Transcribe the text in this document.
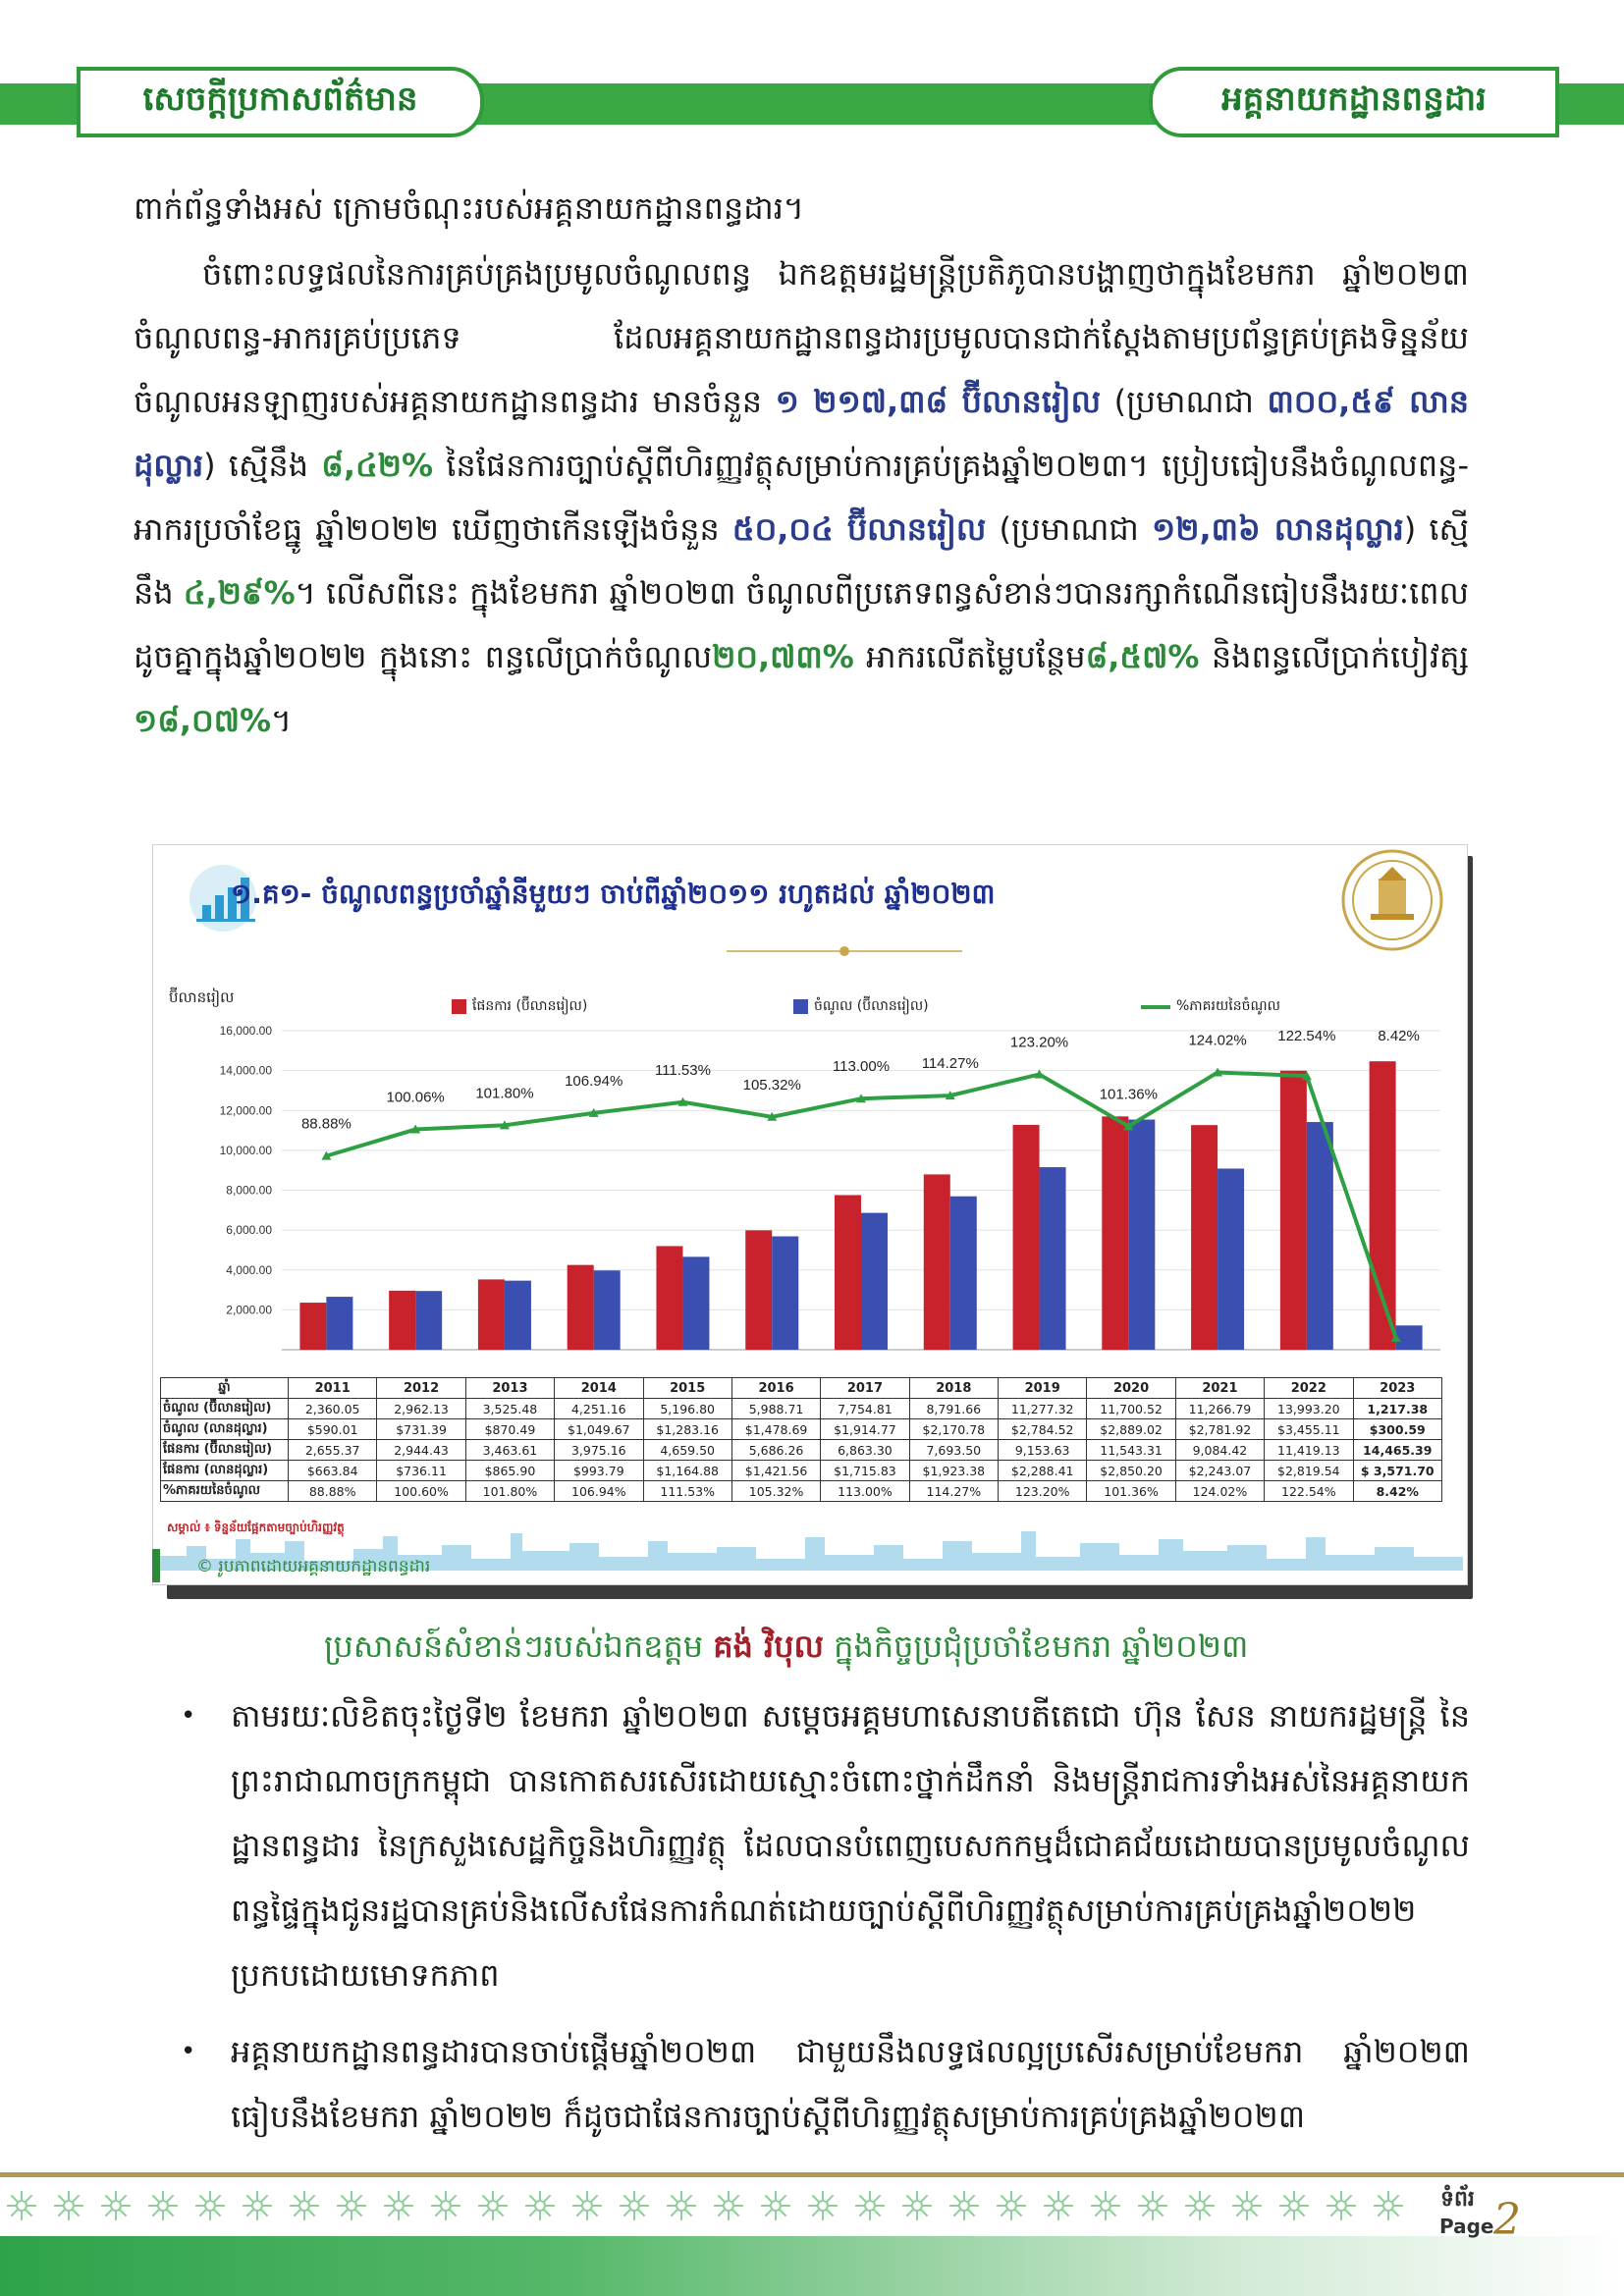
សេចក្តីប្រកាសព័ត៌មាន	អគ្គនាយកដ្ឋានពន្ធដារ
ពាក់ព័ន្ធទាំងអស់ ក្រោមចំណុះរបស់អគ្គនាយកដ្ឋានពន្ធដារ។
ចំពោះលទ្ធផលនៃការគ្រប់គ្រងប្រមូលចំណូលពន្ធ ឯកឧត្តមរដ្ឋមន្ត្រីប្រតិភូបានបង្ហាញថាក្នុងខែមករា ឆ្នាំ២០២៣ ចំណូលពន្ធ-អាករគ្រប់ប្រភេទ ដែលអគ្គនាយកដ្ឋានពន្ធដារប្រមូលបានជាក់ស្តែងតាមប្រព័ន្ធគ្រប់គ្រងទិន្នន័យចំណូលអនឡាញរបស់អគ្គនាយកដ្ឋានពន្ធដារ មានចំនួន ១ ២១៧,៣៨ ប៊ីលានរៀល (ប្រមាណជា ៣០០,៥៩ លានដុល្លារ) ស្មើនឹង ៨,៤២% នៃផែនការច្បាប់ស្តីពីហិរញ្ញវត្ថុសម្រាប់ការគ្រប់គ្រងឆ្នាំ២០២៣។ ប្រៀបធៀបនឹងចំណូលពន្ធ-អាករប្រចាំខែធ្នូ ឆ្នាំ២០២២ ឃើញថាកើនឡើងចំនួន ៥០,០៤ ប៊ីលានរៀល (ប្រមាណជា ១២,៣៦ លានដុល្លារ) ស្មើនឹង ៤,២៩%។ លើសពីនេះ ក្នុងខែមករា ឆ្នាំ២០២៣ ចំណូលពីប្រភេទពន្ធសំខាន់ៗបានរក្សាកំណើនធៀបនឹងរយៈពេលដូចគ្នាក្នុងឆ្នាំ២០២២ ក្នុងនោះ ពន្ធលើប្រាក់ចំណូល២០,៧៣% អាករលើតម្លៃបន្ថែម៨,៥៧% និងពន្ធលើប្រាក់បៀវត្ស ១៨,០៧%។
១.គ១- ចំណូលពន្ធប្រចាំឆ្នាំនីមួយៗ ចាប់ពីឆ្នាំ២០១១ រហូតដល់ ឆ្នាំ២០២៣
ប៊ីលានរៀល	ផែនការ (ប៊ីលានរៀល)	ចំណូល (ប៊ីលានរៀល)	%ភាគរយនៃចំណូល
16,000.00
14,000.00
12,000.00
10,000.00
8,000.00
6,000.00
4,000.00
2,000.00
88.88%
100.06% 101.80%
106.94%
111.53%
105.32%
113.00% 114.27%
123.20%
101.36%
124.02% 122.54%	8.42%
ឆ្នាំ	2011	2012	2013	2014	2015	2016	2017	2018	2019	2020	2021	2022	2023
ចំណូល (ប៊ីលានរៀល)	2,360.05	2,962.13	3,525.48	4,251.16	5,196.80	5,988.71	7,754.81	8,791.66	11,277.32	11,700.52	11,266.79	13,993.20	1,217.38
ចំណូល (លានដុល្លារ)	$590.01	$731.39	$870.49	$1,049.67	$1,283.16	$1,478.69	$1,914.77	$2,170.78	$2,784.52	$2,889.02	$2,781.92	$3,455.11	$300.59
ផែនការ (ប៊ីលានរៀល)	2,655.37	2,944.43	3,463.61	3,975.16	4,659.50	5,686.26	6,863.30	7,693.50	9,153.63	11,543.31	9,084.42	11,419.13	14,465.39
ផែនការ (លានដុល្លារ)	$663.84	$736.11	$865.90	$993.79	$1,164.88	$1,421.56	$1,715.83	$1,923.38	$2,288.41	$2,850.20	$2,243.07	$2,819.54	$ 3,571.70
%ភាគរយនៃចំណូល	88.88%	100.60%	101.80%	106.94%	111.53%	105.32%	113.00%	114.27%	123.20%	101.36%	124.02%	122.54%	8.42%
សម្គាល់ ៖ ទិន្នន័យផ្អែកតាមច្បាប់ហិរញ្ញវត្ថុ
© រូបភាពដោយអគ្គនាយកដ្ឋានពន្ធដារ
ប្រសាសន៍សំខាន់ៗរបស់ឯកឧត្តម គង់ វិបុល ក្នុងកិច្ចប្រជុំប្រចាំខែមករា ឆ្នាំ២០២៣
• តាមរយៈលិខិតចុះថ្ងៃទី២ ខែមករា ឆ្នាំ២០២៣ សម្តេចអគ្គមហាសេនាបតីតេជោ ហ៊ុន សែន នាយករដ្ឋមន្ត្រី នៃព្រះរាជាណាចក្រកម្ពុជា បានកោតសរសើរដោយស្មោះចំពោះថ្នាក់ដឹកនាំ និងមន្ត្រីរាជការទាំងអស់នៃអគ្គនាយកដ្ឋានពន្ធដារ នៃក្រសួងសេដ្ឋកិច្ចនិងហិរញ្ញវត្ថុ ដែលបានបំពេញបេសកកម្មដ៏ជោគជ័យដោយបានប្រមូលចំណូលពន្ធផ្ទៃក្នុងជូនរដ្ឋបានគ្រប់និងលើសផែនការកំណត់ដោយច្បាប់ស្តីពីហិរញ្ញវត្ថុសម្រាប់ការគ្រប់គ្រងឆ្នាំ២០២២ ប្រកបដោយមោទកភាព
• អគ្គនាយកដ្ឋានពន្ធដារបានចាប់ផ្តើមឆ្នាំ២០២៣ ជាមួយនឹងលទ្ធផលល្អប្រសើរសម្រាប់ខែមករា ឆ្នាំ២០២៣ ធៀបនឹងខែមករា ឆ្នាំ២០២២ ក៏ដូចជាផែនការច្បាប់ស្តីពីហិរញ្ញវត្ថុសម្រាប់ការគ្រប់គ្រងឆ្នាំ២០២៣
ទំព័រ
Page 2
